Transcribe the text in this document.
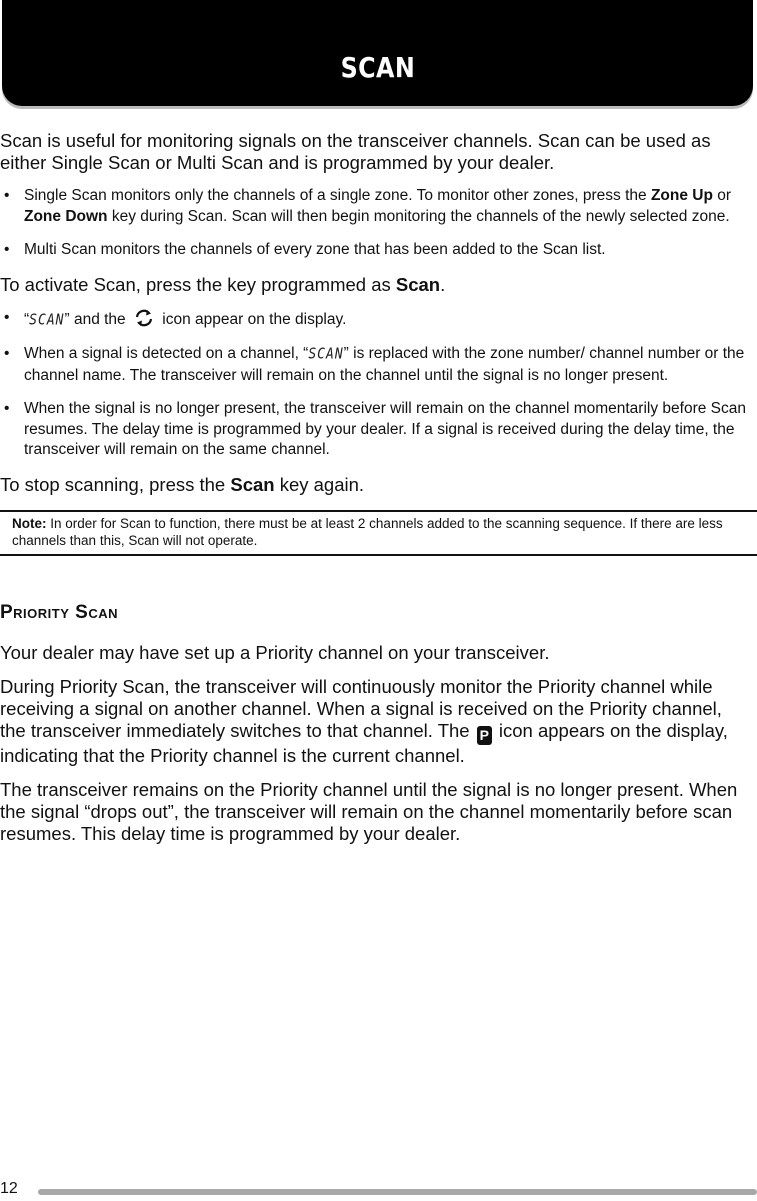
SCAN

Scan is useful for monitoring signals on the transceiver channels. Scan can be used as either Single Scan or Multi Scan and is programmed by your dealer.

• Single Scan monitors only the channels of a single zone. To monitor other zones, press the Zone Up or Zone Down key during Scan. Scan will then begin monitoring the channels of the newly selected zone.
• Multi Scan monitors the channels of every zone that has been added to the Scan list.

To activate Scan, press the key programmed as Scan.

• “SCAN” and the  icon appear on the display.
• When a signal is detected on a channel, “SCAN” is replaced with the zone number/ channel number or the channel name. The transceiver will remain on the channel until the signal is no longer present.
• When the signal is no longer present, the transceiver will remain on the channel momentarily before Scan resumes. The delay time is programmed by your dealer. If a signal is received during the delay time, the transceiver will remain on the same channel.

To stop scanning, press the Scan key again.

Note: In order for Scan to function, there must be at least 2 channels added to the scanning sequence. If there are less channels than this, Scan will not operate.
Priority Scan

Your dealer may have set up a Priority channel on your transceiver.

During Priority Scan, the transceiver will continuously monitor the Priority channel while receiving a signal on another channel. When a signal is received on the Priority channel, the transceiver immediately switches to that channel. The P icon appears on the display, indicating that the Priority channel is the current channel.

The transceiver remains on the Priority channel until the signal is no longer present. When the signal “drops out”, the transceiver will remain on the channel momentarily before scan resumes. This delay time is programmed by your dealer.

12
